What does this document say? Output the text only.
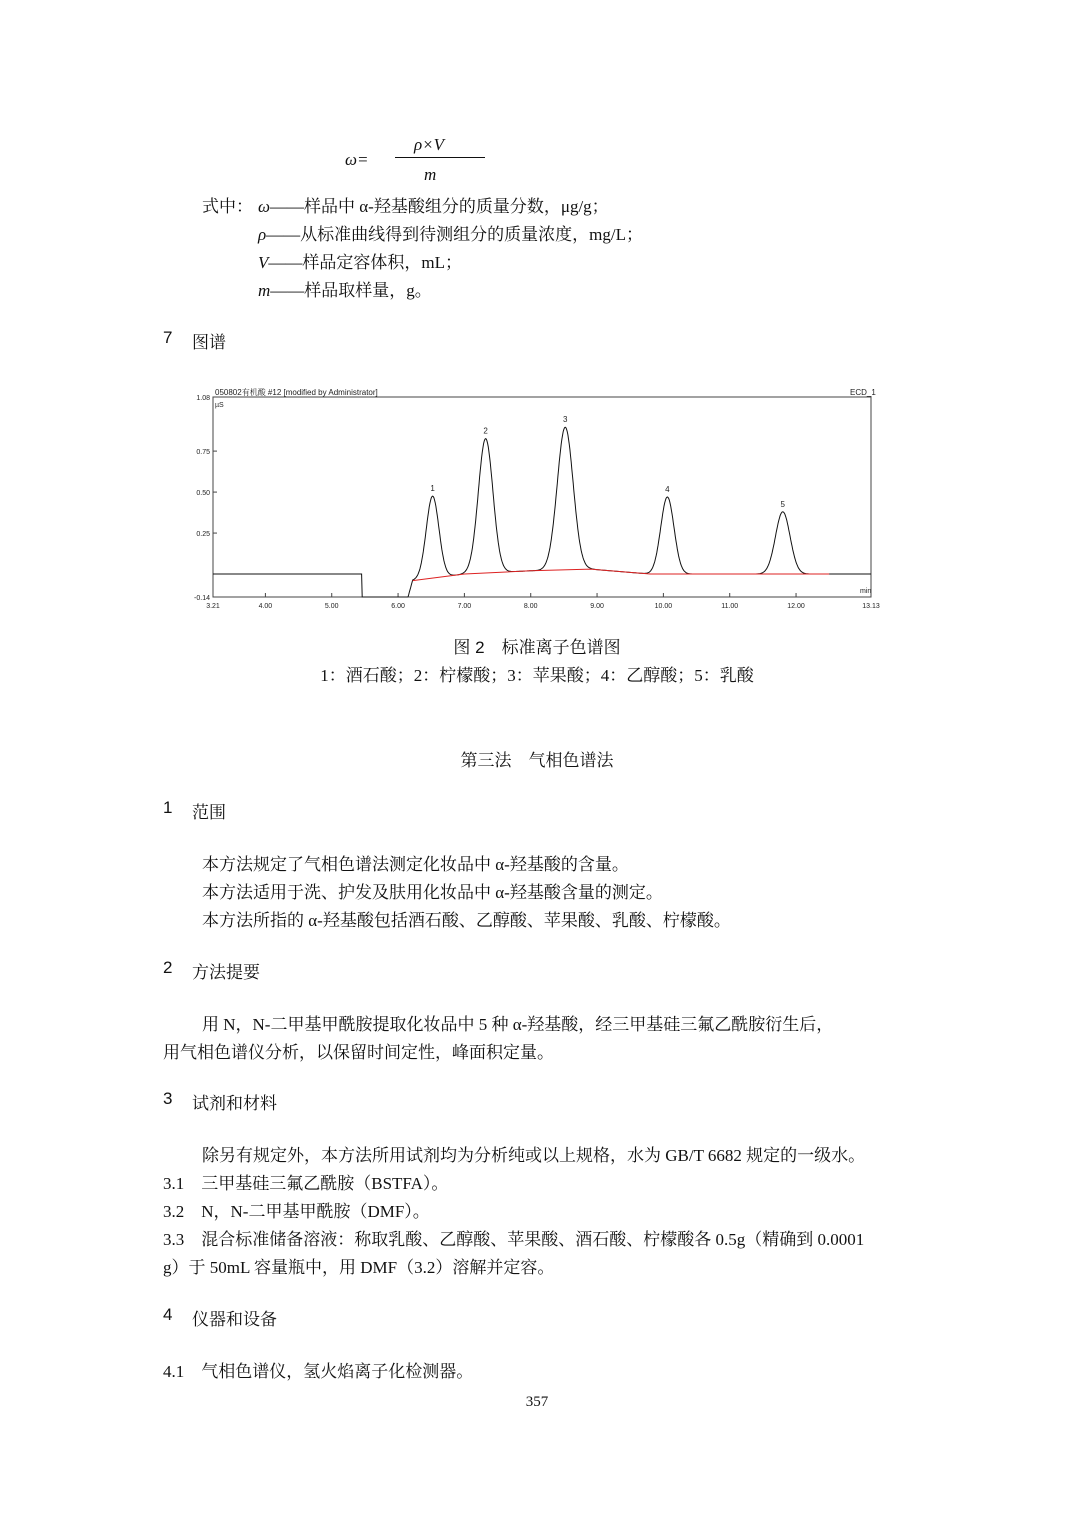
ω=
ρ×V
m
式中： ω——样品中 α-羟基酸组分的质量分数，μg/g；
ρ——从标准曲线得到待测组分的质量浓度，mg/L；
V——样品定容体积，mL；
m——样品取样量，g。
7 图谱
050802有机酸 #12 [modified by Administrator]	ECD_1
µS
min
1.08
0.75
0.50
0.25
-0.14
3.21	4.00	5.00	6.00	7.00	8.00	9.00	10.00	11.00	12.00	13.13
1
2
3
4
5
图 2　标准离子色谱图
1：酒石酸；2：柠檬酸；3：苹果酸；4：乙醇酸；5：乳酸
第三法　气相色谱法
1 范围
本方法规定了气相色谱法测定化妆品中 α-羟基酸的含量。
本方法适用于洗、护发及肤用化妆品中 α-羟基酸含量的测定。
本方法所指的 α-羟基酸包括酒石酸、乙醇酸、苹果酸、乳酸、柠檬酸。
2 方法提要
用 N，N-二甲基甲酰胺提取化妆品中 5 种 α-羟基酸，经三甲基硅三氟乙酰胺衍生后，
用气相色谱仪分析，以保留时间定性，峰面积定量。
3 试剂和材料
除另有规定外，本方法所用试剂均为分析纯或以上规格，水为 GB/T 6682 规定的一级水。
3.1　三甲基硅三氟乙酰胺（BSTFA）。
3.2　N，N-二甲基甲酰胺（DMF）。
3.3　混合标准储备溶液：称取乳酸、乙醇酸、苹果酸、酒石酸、柠檬酸各 0.5g（精确到 0.0001
g）于 50mL 容量瓶中，用 DMF（3.2）溶解并定容。
4 仪器和设备
4.1　气相色谱仪，氢火焰离子化检测器。
357
